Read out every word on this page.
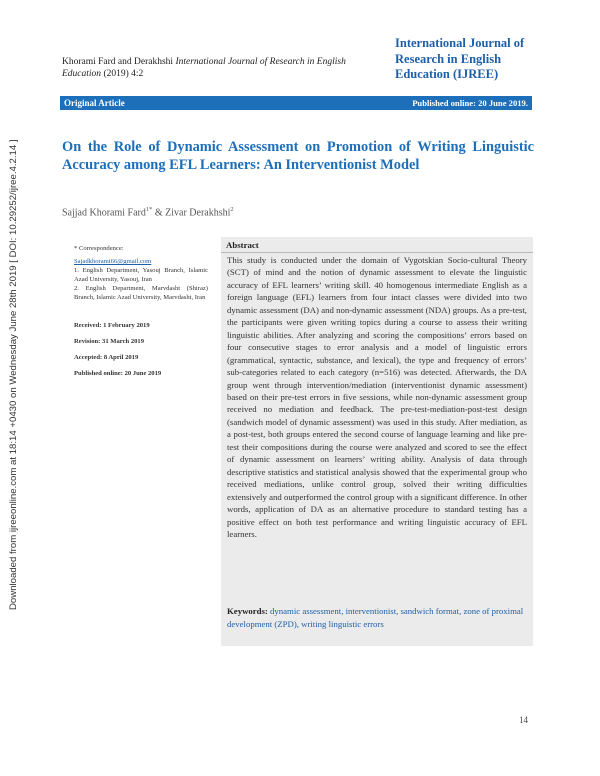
Downloaded from ijreeonline.com at 18:14 +0430 on Wednesday June 28th 2019 [ DOI: 10.29252/ijree.4.2.14 ]
Khorami Fard and Derakhshi International Journal of Research in English Education (2019) 4:2
International Journal of
Research in English
Education (IJREE)
Original Article	Published online: 20 June 2019.
On the Role of Dynamic Assessment on Promotion of Writing Linguistic Accuracy among EFL Learners: An Interventionist Model
Sajjad Khorami Fard$^{1*}$ & Zivar Derakhshi$^2$
* Correspondence:
Sajadkhorami66@gmail.com

1. English Department, Yasouj Branch, Islamic Azad University, Yasouj, Iran

2. English Department, Marvdasht (Shiraz) Branch, Islamic Azad University, Marvdasht, Iran

Received: 1 February 2019
Revision: 31 March 2019
Accepted: 8 April 2019
Published online: 20 June 2019
Abstract
This study is conducted under the domain of Vygotskian Socio-cultural Theory (SCT) of mind and the notion of dynamic assessment to elevate the linguistic accuracy of EFL learners’ writing skill. 40 homogenous intermediate English as a foreign language (EFL) learners from four intact classes were divided into two dynamic assessment (DA) and non-dynamic assessment (NDA) groups. As a pre-test, the participants were given writing topics during a course to assess their writing linguistic abilities. After analyzing and scoring the compositions’ errors based on four consecutive stages to error analysis and a model of linguistic errors (grammatical, syntactic, substance, and lexical), the type and frequency of errors’ sub-categories related to each category (n=516) was detected. Afterwards, the DA group went through intervention/mediation (interventionist dynamic assessment) based on their pre-test errors in five sessions, while non-dynamic assessment group received no mediation and feedback. The pre-test-mediation-post-test design (sandwich model of dynamic assessment) was used in this study. After mediation, as a post-test, both groups entered the second course of language learning and like pre-test their compositions during the course were analyzed and scored to see the effect of dynamic assessment on learners’ writing ability. Analysis of data through descriptive statistics and statistical analysis showed that the experimental group who received mediations, unlike control group, solved their writing difficulties extensively and outperformed the control group with a significant difference. In other words, application of DA as an alternative procedure to standard testing has a positive effect on both test performance and writing linguistic accuracy of EFL learners.
Keywords: dynamic assessment, interventionist, sandwich format, zone of proximal development (ZPD), writing linguistic errors
14
